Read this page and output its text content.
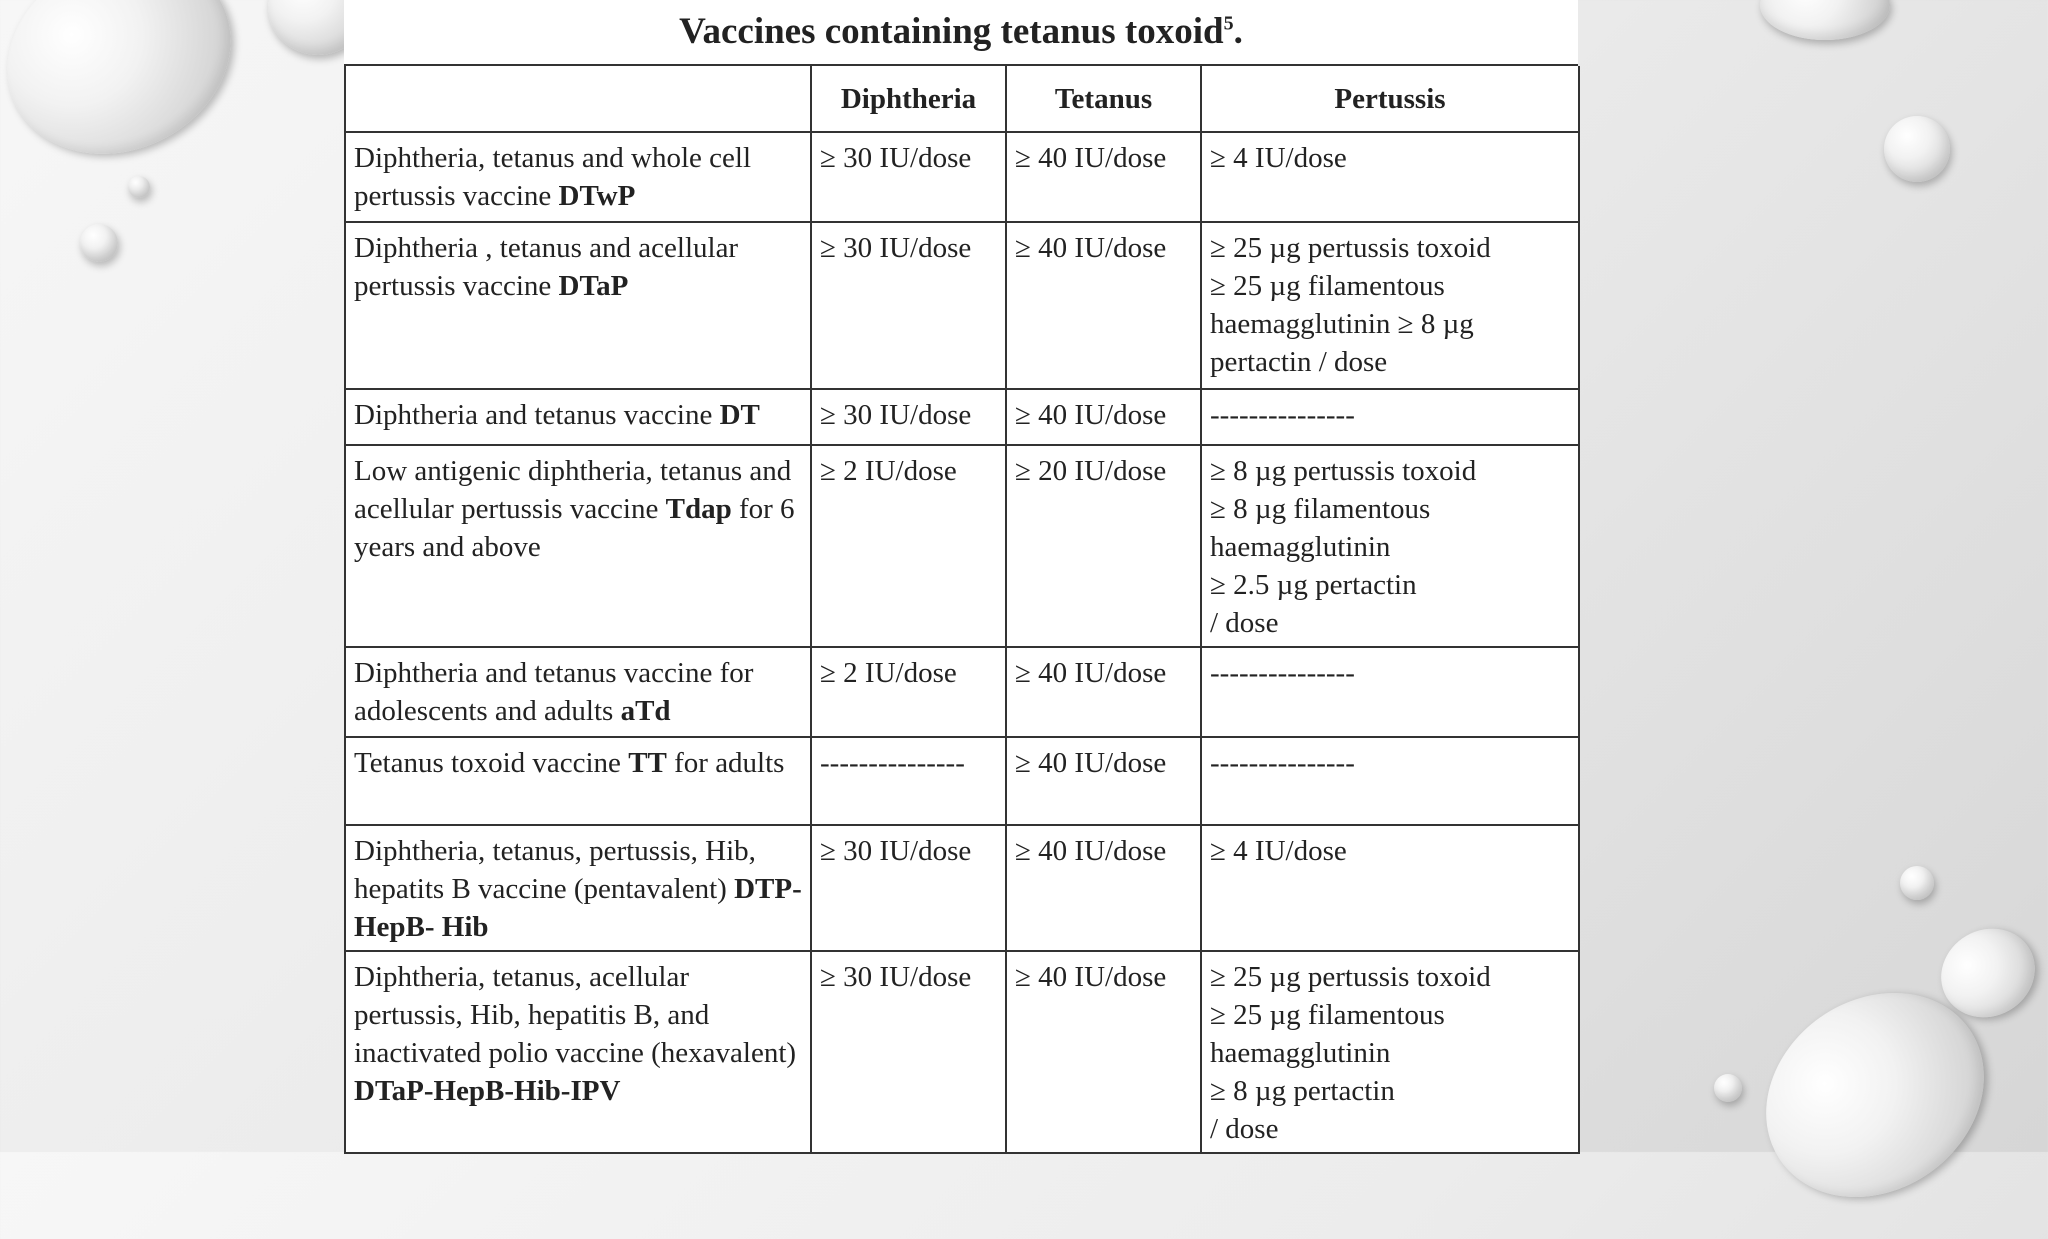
Vaccines containing tetanus toxoid$^5$.
	Diphtheria	Tetanus	Pertussis
Diphtheria, tetanus and whole cell pertussis vaccine DTwP	≥ 30 IU/dose	≥ 40 IU/dose	≥ 4 IU/dose

Diphtheria , tetanus and acellular pertussis vaccine DTaP	≥ 30 IU/dose	≥ 40 IU/dose	≥ 25 µg pertussis toxoid
≥ 25 µg filamentous
haemagglutinin ≥ 8 µg
pertactin / dose

Diphtheria and tetanus vaccine DT	≥ 30 IU/dose	≥ 40 IU/dose	---------------

Low antigenic diphtheria, tetanus and acellular pertussis vaccine Tdap for 6 years and above	≥ 2 IU/dose	≥ 20 IU/dose	≥ 8 µg pertussis toxoid
≥ 8 µg filamentous
haemagglutinin
≥ 2.5 µg pertactin
/ dose

Diphtheria and tetanus vaccine for adolescents and adults aTd	≥ 2 IU/dose	≥ 40 IU/dose	---------------

Tetanus toxoid vaccine TT for adults	---------------	≥ 40 IU/dose	---------------

Diphtheria, tetanus, pertussis, Hib, hepatits B vaccine (pentavalent) DTP-HepB- Hib	≥ 30 IU/dose	≥ 40 IU/dose	≥ 4 IU/dose

Diphtheria, tetanus, acellular pertussis, Hib, hepatitis B, and inactivated polio vaccine (hexavalent) DTaP-HepB-Hib-IPV	≥ 30 IU/dose	≥ 40 IU/dose	≥ 25 µg pertussis toxoid
≥ 25 µg filamentous
haemagglutinin
≥ 8 µg pertactin
/ dose
